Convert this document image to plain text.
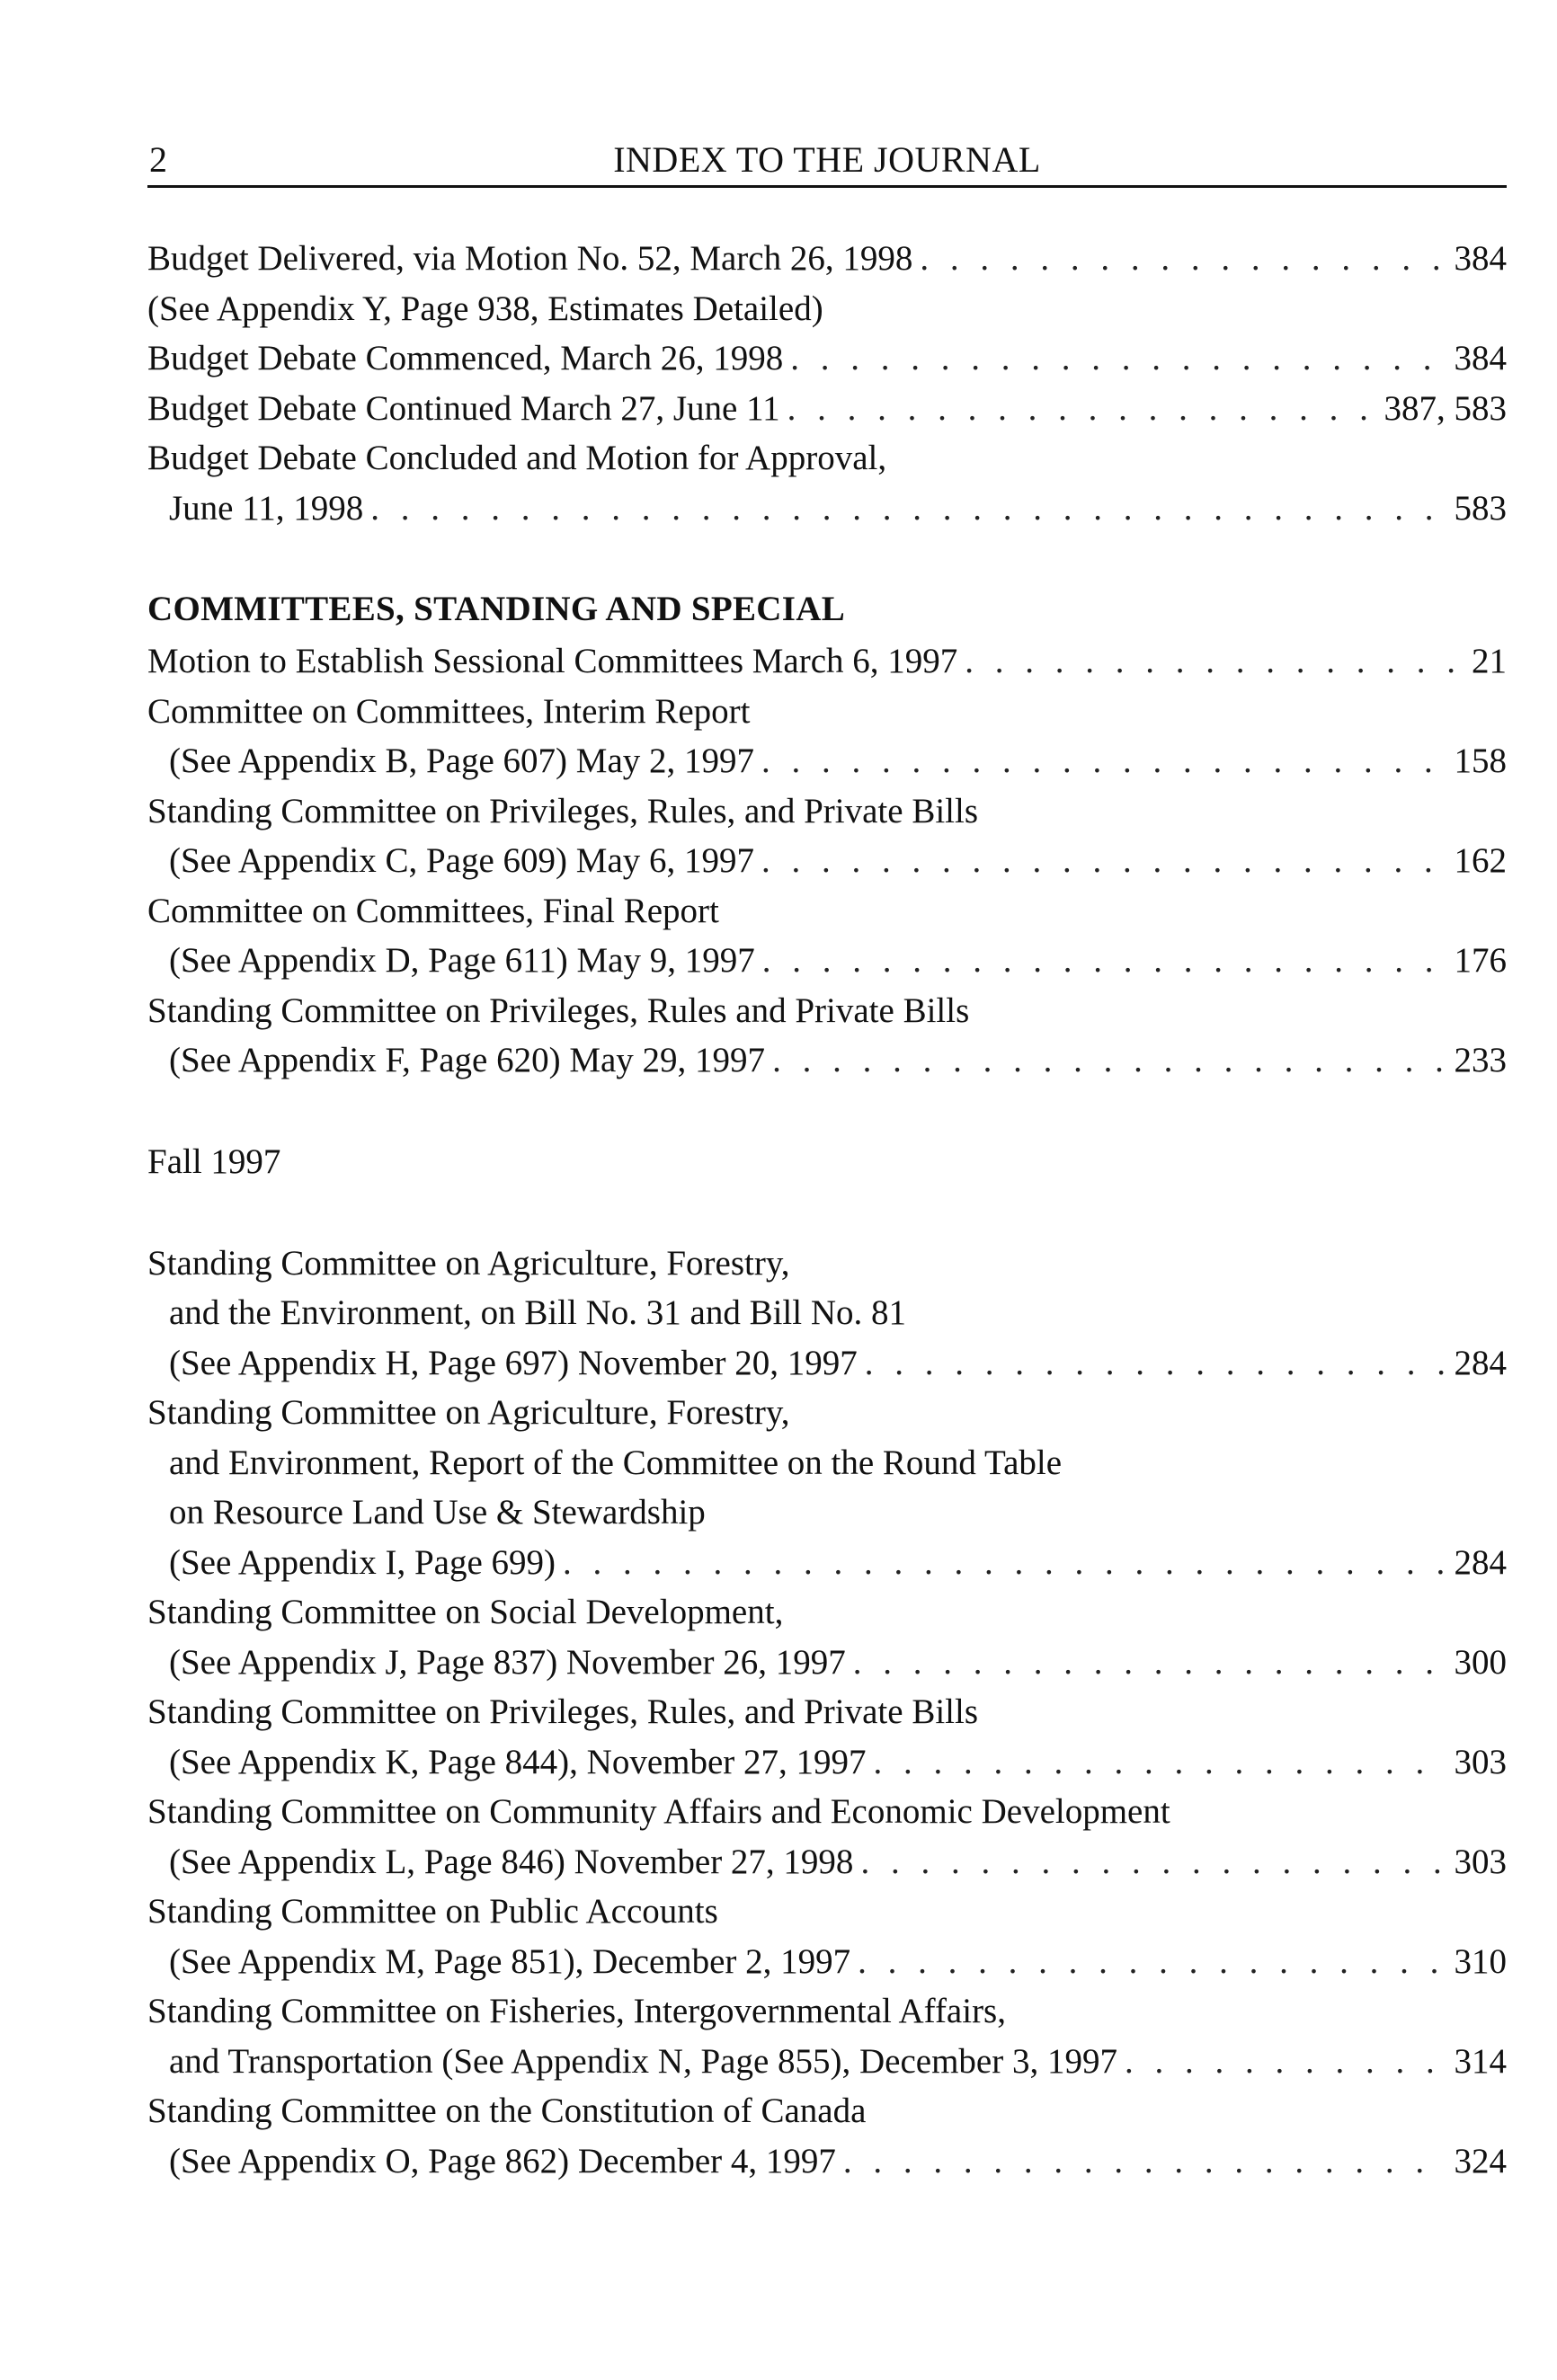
2	INDEX TO THE JOURNAL
Budget Delivered, via Motion No. 52, March 26, 1998 . . .	384
(See Appendix Y, Page 938, Estimates Detailed)
Budget Debate Commenced, March 26, 1998 . . .	384
Budget Debate Continued March 27, June 11 . . .	387, 583
Budget Debate Concluded and Motion for Approval,
June 11, 1998 . . .	583
COMMITTEES, STANDING AND SPECIAL
Motion to Establish Sessional Committees March 6, 1997 . . .	21
Committee on Committees, Interim Report
(See Appendix B, Page 607) May 2, 1997 . . .	158
Standing Committee on Privileges, Rules, and Private Bills
(See Appendix C, Page 609) May 6, 1997 . . .	162
Committee on Committees, Final Report
(See Appendix D, Page 611) May 9, 1997 . . .	176
Standing Committee on Privileges, Rules and Private Bills
(See Appendix F, Page 620) May 29, 1997 . . .	233
Fall 1997
Standing Committee on Agriculture, Forestry,
and the Environment, on Bill No. 31 and Bill No. 81
(See Appendix H, Page 697) November 20, 1997 . . .	284
Standing Committee on Agriculture, Forestry,
and Environment, Report of the Committee on the Round Table
on Resource Land Use & Stewardship
(See Appendix I, Page 699) . . .	284
Standing Committee on Social Development,
(See Appendix J, Page 837) November 26, 1997 . . .	300
Standing Committee on Privileges, Rules, and Private Bills
(See Appendix K, Page 844), November 27, 1997 . . .	303
Standing Committee on Community Affairs and Economic Development
(See Appendix L, Page 846) November 27, 1998 . . .	303
Standing Committee on Public Accounts
(See Appendix M, Page 851), December 2, 1997 . . .	310
Standing Committee on Fisheries, Intergovernmental Affairs,
and Transportation (See Appendix N, Page 855), December 3, 1997 . . .	314
Standing Committee on the Constitution of Canada
(See Appendix O, Page 862) December 4, 1997 . . .	324
